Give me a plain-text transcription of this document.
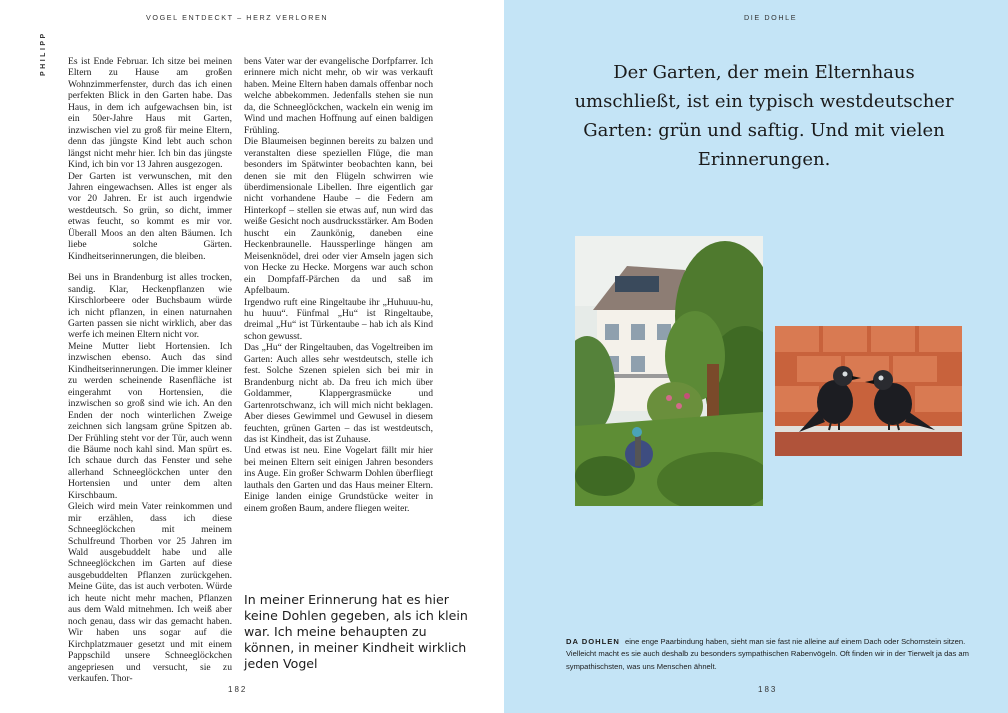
VOGEL ENTDECKT – HERZ VERLOREN
PHILIPP Es ist Ende Februar. Ich sitze bei meinen Eltern zu Hause am großen Wohnzimmerfenster, durch das ich einen perfekten Blick in den Garten habe. Das Haus, in dem ich aufgewachsen bin, ist ein 50er-Jahre Haus mit Garten, inzwischen viel zu groß für meine Eltern, denn das jüngste Kind lebt auch schon längst nicht mehr hier. Ich bin das jüngste Kind, ich bin vor 13 Jahren ausgezogen.

Der Garten ist verwunschen, mit den Jahren eingewachsen. Alles ist enger als vor 20 Jahren. Er ist auch irgendwie westdeutsch. So grün, so dicht, immer etwas feucht, so kommt es mir vor. Überall Moos an den alten Bäumen. Ich liebe solche Gärten. Kindheitserinnerungen, die bleiben.

Bei uns in Brandenburg ist alles trocken, sandig. Klar, Heckenpflanzen wie Kirschlorbeere oder Buchsbaum würde ich nicht pflanzen, in einen naturnahen Garten passen sie nicht wirklich, aber das werfe ich meinen Eltern nicht vor.

Meine Mutter liebt Hortensien. Ich inzwischen ebenso. Auch das sind Kindheitserinnerungen. Die immer kleiner zu werden scheinende Rasenfläche ist eingerahmt von Hortensien, die inzwischen so groß sind wie ich. An den Enden der noch winterlichen Zweige zeichnen sich langsam grüne Spitzen ab. Der Frühling steht vor der Tür, auch wenn die Bäume noch kahl sind. Man spürt es. Ich schaue durch das Fenster und sehe allerhand Schneeglöckchen unter den Hortensien und unter dem alten Kirschbaum.

Gleich wird mein Vater reinkommen und mir erzählen, dass ich diese Schneeglöckchen mit meinem Schulfreund Thorben vor 25 Jahren im Wald ausgebuddelt habe und alle Schneeglöckchen im Garten auf diese ausgebuddelten Pflanzen zurückgehen. Meine Güte, das ist auch verboten. Würde ich heute nicht mehr machen, Pflanzen aus dem Wald mitnehmen. Ich weiß aber noch genau, dass wir das gemacht haben. Wir haben uns sogar auf die Kirchplatzmauer gesetzt und mit einem Pappschild unsere Schneeglöckchen angepriesen und versucht, sie zu verkaufen. Thor-

bens Vater war der evangelische Dorfpfarrer. Ich erinnere mich nicht mehr, ob wir was verkauft haben. Meine Eltern haben damals offenbar noch welche abbekommen. Jedenfalls stehen sie nun da, die Schneeglöckchen, wackeln ein wenig im Wind und machen Hoffnung auf einen baldigen Frühling.

Die Blaumeisen beginnen bereits zu balzen und veranstalten diese speziellen Flüge, die man besonders im Spätwinter beobachten kann, bei denen sie mit den Flügeln schwirren wie überdimensionale Libellen. Ihre eigentlich gar nicht vorhandene Haube – die Federn am Hinterkopf – stellen sie etwas auf, nun wird das weiße Gesicht noch ausdrucksstärker. Am Boden huscht ein Zaunkönig, daneben eine Heckenbraunelle. Haussperlinge hängen am Meisenknödel, drei oder vier Amseln jagen sich von Hecke zu Hecke. Morgens war auch schon ein Dompfaff-Pärchen da und saß im Apfelbaum.

Irgendwo ruft eine Ringeltaube ihr „Huhuuu-hu, hu huuu“. Fünfmal „Hu“ ist Ringeltaube, dreimal „Hu“ ist Türkentaube – hab ich als Kind schon gewusst.

Das „Hu“ der Ringeltauben, das Vogeltreiben im Garten: Auch alles sehr westdeutsch, stelle ich fest. Solche Szenen spielen sich bei mir in Brandenburg nicht ab. Da freu ich mich über Goldammer, Klappergrasmücke und Gartenrotschwanz, ich will mich nicht beklagen. Aber dieses Gewimmel und Gewusel in diesem feuchten, grünen Garten – das ist westdeutsch, das ist Kindheit, das ist Zuhause.

Und etwas ist neu. Eine Vogelart fällt mir hier bei meinen Eltern seit einigen Jahren besonders ins Auge. Ein großer Schwarm Dohlen überfliegt lauthals den Garten und das Haus meiner Eltern. Einige landen einige Grundstücke weiter in einem großen Baum, andere fliegen weiter.

In meiner Erinnerung hat es hier keine Dohlen gegeben, als ich klein war. Ich meine behaupten zu können, in meiner Kindheit wirklich jeden Vogel
182
DIE DOHLE
Der Garten, der mein Elternhaus umschließt, ist ein typisch westdeutscher Garten: grün und saftig. Und mit vielen Erinnerungen.
DA DOHLEN eine enge Paarbindung haben, sieht man sie fast nie alleine auf einem Dach oder Schornstein sitzen. Vielleicht macht es sie auch deshalb zu besonders sympathischen Rabenvögeln. Oft finden wir in der Tierwelt ja das am sympathischsten, was uns Menschen ähnelt.
183
